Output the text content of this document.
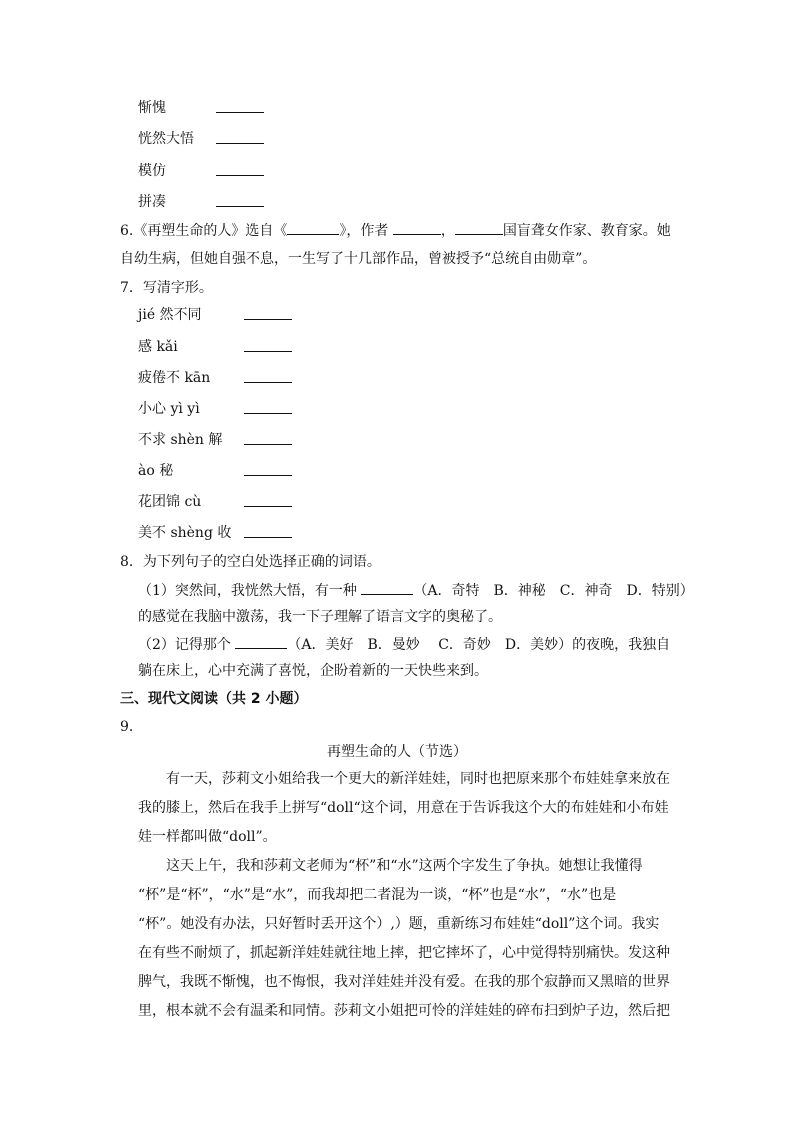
惭愧
恍然大悟
模仿
拼凑
6.《再塑生命的人》选自《	》，作者	，	国盲聋女作家、教育家。她
自幼生病，但她自强不息，一生写了十几部作品，曾被授予“总统自由勋章”。
7．写清字形。
jié 然不同
感 kǎi
疲倦不 kān
小心 yì yì
不求 shèn 解
ào 秘
花团锦 cù
美不 shèng 收
8．为下列句子的空白处选择正确的词语。
（1）突然间，我恍然大悟，有一种	（A．奇特　B．神秘　C．神奇　D．特别）
的感觉在我脑中激荡，我一下子理解了语言文字的奥秘了。
（2）记得那个	（A．美好　B．曼妙　 C．奇妙　D．美妙）的夜晚，我独自
躺在床上，心中充满了喜悦，企盼着新的一天快些来到。
三、现代文阅读（共 2 小题）
9．
再塑生命的人（节选）
　　有一天，莎莉文小姐给我一个更大的新洋娃娃，同时也把原来那个布娃娃拿来放在
我的膝上，然后在我手上拼写“doll“这个词，用意在于告诉我这个大的布娃娃和小布娃
娃一样都叫做“doll”。
　　这天上午，我和莎莉文老师为“杯”和“水”这两个字发生了争执。她想让我懂得
“杯”是“杯”，“水”是“水”，而我却把二者混为一谈，“杯”也是“水”，“水”也是
“杯”。她没有办法，只好暂时丢开这个）,）题，重新练习布娃娃“doll”这个词。我实
在有些不耐烦了，抓起新洋娃娃就往地上摔，把它摔坏了，心中觉得特别痛快。发这种
脾气，我既不惭愧，也不悔恨，我对洋娃娃并没有爱。在我的那个寂静而又黑暗的世界
里，根本就不会有温柔和同情。莎莉文小姐把可怜的洋娃娃的碎布扫到炉子边，然后把
